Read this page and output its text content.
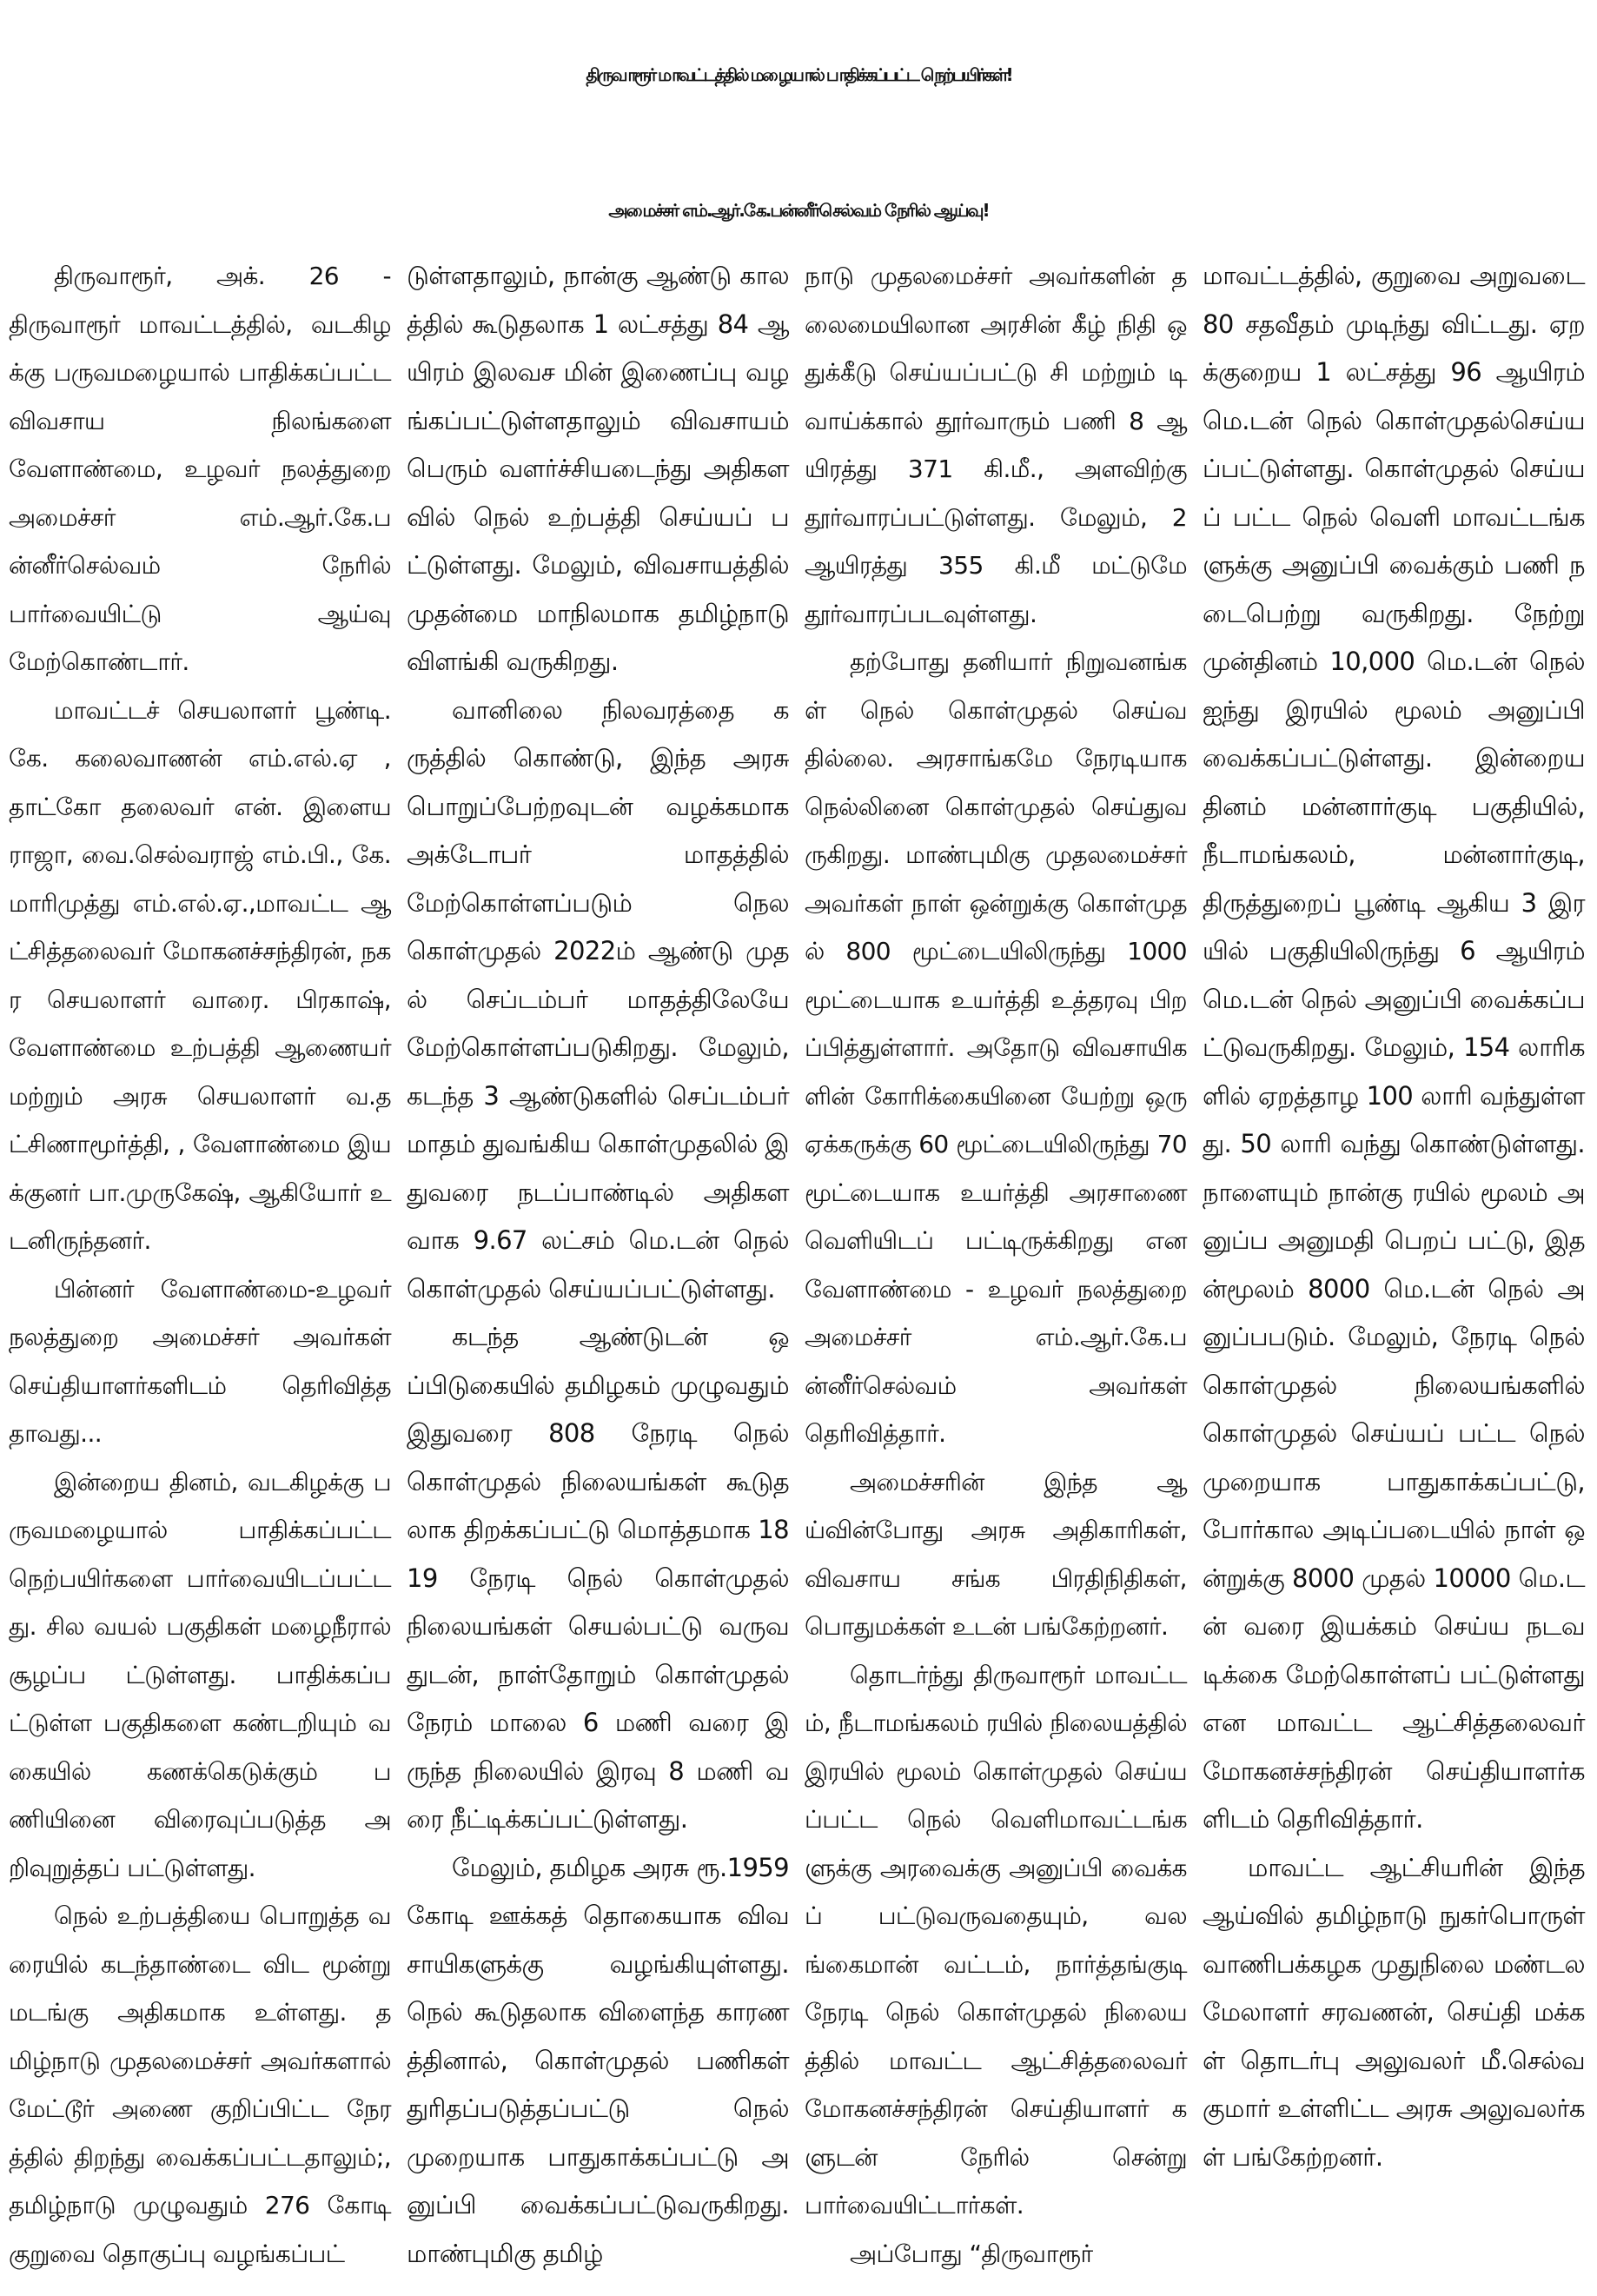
திருவாரூர் மாவட்டத்தில் மழையால் பாதிக்கப்பட்ட நெற்பயிர்கள்!
அமைச்சர் எம்.ஆர்.கே.பன்னீர்செல்வம் நேரில் ஆய்வு!

திருவாரூர், அக். 26 - திருவாரூர் மாவட்டத்தில், வடகிழக்கு பருவமழையால் பாதிக்கப்பட்ட விவசாய நிலங்களை வேளாண்மை, உழவர் நலத்துறை அமைச்சர் எம்.ஆர்.கே.பன்னீர்செல்வம் நேரில் பார்வையிட்டு ஆய்வு மேற்கொண்டார்.

மாவட்டச் செயலாளர் பூண்டி.கே. கலைவாணன் எம்.எல்.ஏ , தாட்கோ தலைவர் என். இளைய ராஜா, வை.செல்வராஜ் எம்.பி., கே.மாரிமுத்து எம்.எல்.ஏ.,மாவட்ட ஆட்சித்தலைவர் மோகனச்சந்திரன், நகர செயலாளர் வாரை. பிரகாஷ், வேளாண்மை உற்பத்தி ஆணையர் மற்றும் அரசு செயலாளர் வ.தட்சிணாமூர்த்தி, , வேளாண்மை இயக்குனர் பா.முருகேஷ், ஆகியோர் உடனிருந்தனர்.

பின்னர் வேளாண்மை-உழவர் நலத்துறை அமைச்சர் அவர்கள் செய்தியாளர்களிடம் தெரிவித்ததாவது...

இன்றைய தினம், வடகிழக்கு பருவமழையால் பாதிக்கப்பட்ட நெற்பயிர்களை பார்வையிடப்பட்டது. சில வயல் பகுதிகள் மழைநீரால் சூழப்ப ட்டுள்ளது. பாதிக்கப்பட்டுள்ள பகுதிகளை கண்டறியும் வகையில் கணக்கெடுக்கும் பணியினை விரைவுப்படுத்த அறிவுறுத்தப் பட்டுள்ளது.

நெல் உற்பத்தியை பொறுத்த வரையில் கடந்தாண்டை விட மூன்று மடங்கு அதிகமாக உள்ளது. தமிழ்நாடு முதலமைச்சர் அவர்களால் மேட்டூர் அணை குறிப்பிட்ட நேரத்தில் திறந்து வைக்கப்பட்டதாலும்;, தமிழ்நாடு முழுவதும் 276 கோடி குறுவை தொகுப்பு வழங்கப்பட்

டுள்ளதாலும், நான்கு ஆண்டு காலத்தில் கூடுதலாக 1 லட்சத்து 84 ஆயிரம் இலவச மின் இணைப்பு வழங்கப்பட்டுள்ளதாலும் விவசாயம் பெரும் வளர்ச்சியடைந்து அதிகளவில் நெல் உற்பத்தி செய்யப் பட்டுள்ளது. மேலும், விவசாயத்தில் முதன்மை மாநிலமாக தமிழ்நாடு விளங்கி வருகிறது.

வானிலை நிலவரத்தை கருத்தில் கொண்டு, இந்த அரசு பொறுப்பேற்றவுடன் வழக்கமாக அக்டோபர் மாதத்தில் மேற்கொள்ளப்படும் நெல கொள்முதல் 2022ம் ஆண்டு முதல் செப்டம்பர் மாதத்திலேயே மேற்கொள்ளப்படுகிறது. மேலும், கடந்த 3 ஆண்டுகளில் செப்டம்பர் மாதம் துவங்கிய கொள்முதலில் இதுவரை நடப்பாண்டில் அதிகளவாக 9.67 லட்சம் மெ.டன் நெல் கொள்முதல் செய்யப்பட்டுள்ளது.

கடந்த ஆண்டுடன் ஒப்பிடுகையில் தமிழகம் முழுவதும் இதுவரை 808 நேரடி நெல் கொள்முதல் நிலையங்கள் கூடுதலாக திறக்கப்பட்டு மொத்தமாக 1819 நேரடி நெல் கொள்முதல் நிலையங்கள் செயல்பட்டு வருவதுடன், நாள்தோறும் கொள்முதல் நேரம் மாலை 6 மணி வரை இருந்த நிலையில் இரவு 8 மணி வரை நீட்டிக்கப்பட்டுள்ளது.

மேலும், தமிழக அரசு ரூ.1959 கோடி ஊக்கத் தொகையாக விவசாயிகளுக்கு வழங்கியுள்ளது. நெல் கூடுதலாக விளைந்த காரணத்தினால், கொள்முதல் பணிகள் துரிதப்படுத்தப்பட்டு நெல் முறையாக பாதுகாக்கப்பட்டு அனுப்பி வைக்கப்பட்டுவருகிறது. மாண்புமிகு தமிழ்

நாடு முதலமைச்சர் அவர்களின் தலைமையிலான அரசின் கீழ் நிதி ஒதுக்கீடு செய்யப்பட்டு சி மற்றும் டி வாய்க்கால் தூர்வாரும் பணி 8 ஆயிரத்து 371 கி.மீ., அளவிற்கு தூர்வாரப்பட்டுள்ளது. மேலும், 2 ஆயிரத்து 355 கி.மீ மட்டுமே தூர்வாரப்படவுள்ளது.

தற்போது தனியார் நிறுவனங்கள் நெல் கொள்முதல் செய்வதில்லை. அரசாங்கமே நேரடியாக நெல்லினை கொள்முதல் செய்துவருகிறது. மாண்புமிகு முதலமைச்சர் அவர்கள் நாள் ஒன்றுக்கு கொள்முதல் 800 மூட்டையிலிருந்து 1000 மூட்டையாக உயர்த்தி உத்தரவு பிறப்பித்துள்ளார். அதோடு விவசாயிகளின் கோரிக்கையினை யேற்று ஒரு ஏக்கருக்கு 60 மூட்டையிலிருந்து 70 மூட்டையாக உயர்த்தி அரசாணை வெளியிடப் பட்டிருக்கிறது என வேளாண்மை - உழவர் நலத்துறை அமைச்சர் எம்.ஆர்.கே.பன்னீர்செல்வம் அவர்கள் தெரிவித்தார்.

அமைச்சரின் இந்த ஆய்வின்போது அரசு அதிகாரிகள், விவசாய சங்க பிரதிநிதிகள், பொதுமக்கள் உடன் பங்கேற்றனர்.

தொடர்ந்து திருவாரூர் மாவட்டம், நீடாமங்கலம் ரயில் நிலையத்தில் இரயில் மூலம் கொள்முதல் செய்யப்பட்ட நெல் வெளிமாவட்டங்களுக்கு அரவைக்கு அனுப்பி வைக்கப் பட்டுவருவதையும், வலங்கைமான் வட்டம், நார்த்தங்குடி நேரடி நெல் கொள்முதல் நிலையத்தில் மாவட்ட ஆட்சித்தலைவர் மோகனச்சந்திரன் செய்தியாளர் களுடன் நேரில் சென்று பார்வையிட்டார்கள்.

அப்போது “திருவாரூர்

மாவட்டத்தில், குறுவை அறுவடை 80 சதவீதம் முடிந்து விட்டது. ஏறக்குறைய 1 லட்சத்து 96 ஆயிரம் மெ.டன் நெல் கொள்முதல்செய்யப்பட்டுள்ளது. கொள்முதல் செய்யப் பட்ட நெல் வெளி மாவட்டங்களுக்கு அனுப்பி வைக்கும் பணி நடைபெற்று வருகிறது. நேற்று முன்தினம் 10,000 மெ.டன் நெல் ஐந்து இரயில் மூலம் அனுப்பி வைக்கப்பட்டுள்ளது. இன்றைய தினம் மன்னார்குடி பகுதியில், நீடாமங்கலம், மன்னார்குடி, திருத்துறைப் பூண்டி ஆகிய 3 இரயில் பகுதியிலிருந்து 6 ஆயிரம் மெ.டன் நெல் அனுப்பி வைக்கப்பட்டுவருகிறது. மேலும், 154 லாரிகளில் ஏறத்தாழ 100 லாரி வந்துள்ளது. 50 லாரி வந்து கொண்டுள்ளது. நாளையும் நான்கு ரயில் மூலம் அனுப்ப அனுமதி பெறப் பட்டு, இதன்மூலம் 8000 மெ.டன் நெல் அனுப்பபடும். மேலும், நேரடி நெல் கொள்முதல் நிலையங்களில் கொள்முதல் செய்யப் பட்ட நெல் முறையாக பாதுகாக்கப்பட்டு, போர்கால அடிப்படையில் நாள் ஒன்றுக்கு 8000 முதல் 10000 மெ.டன் வரை இயக்கம் செய்ய நடவடிக்கை மேற்கொள்ளப் பட்டுள்ளது என மாவட்ட ஆட்சித்தலைவர் மோகனச்சந்திரன் செய்தியாளர்களிடம் தெரிவித்தார்.

மாவட்ட ஆட்சியரின் இந்த ஆய்வில் தமிழ்நாடு நுகர்பொருள் வாணிபக்கழக முதுநிலை மண்டல மேலாளர் சரவணன், செய்தி மக்கள் தொடர்பு அலுவலர் மீ.செல்வகுமார் உள்ளிட்ட அரசு அலுவலர்கள் பங்கேற்றனர்.
